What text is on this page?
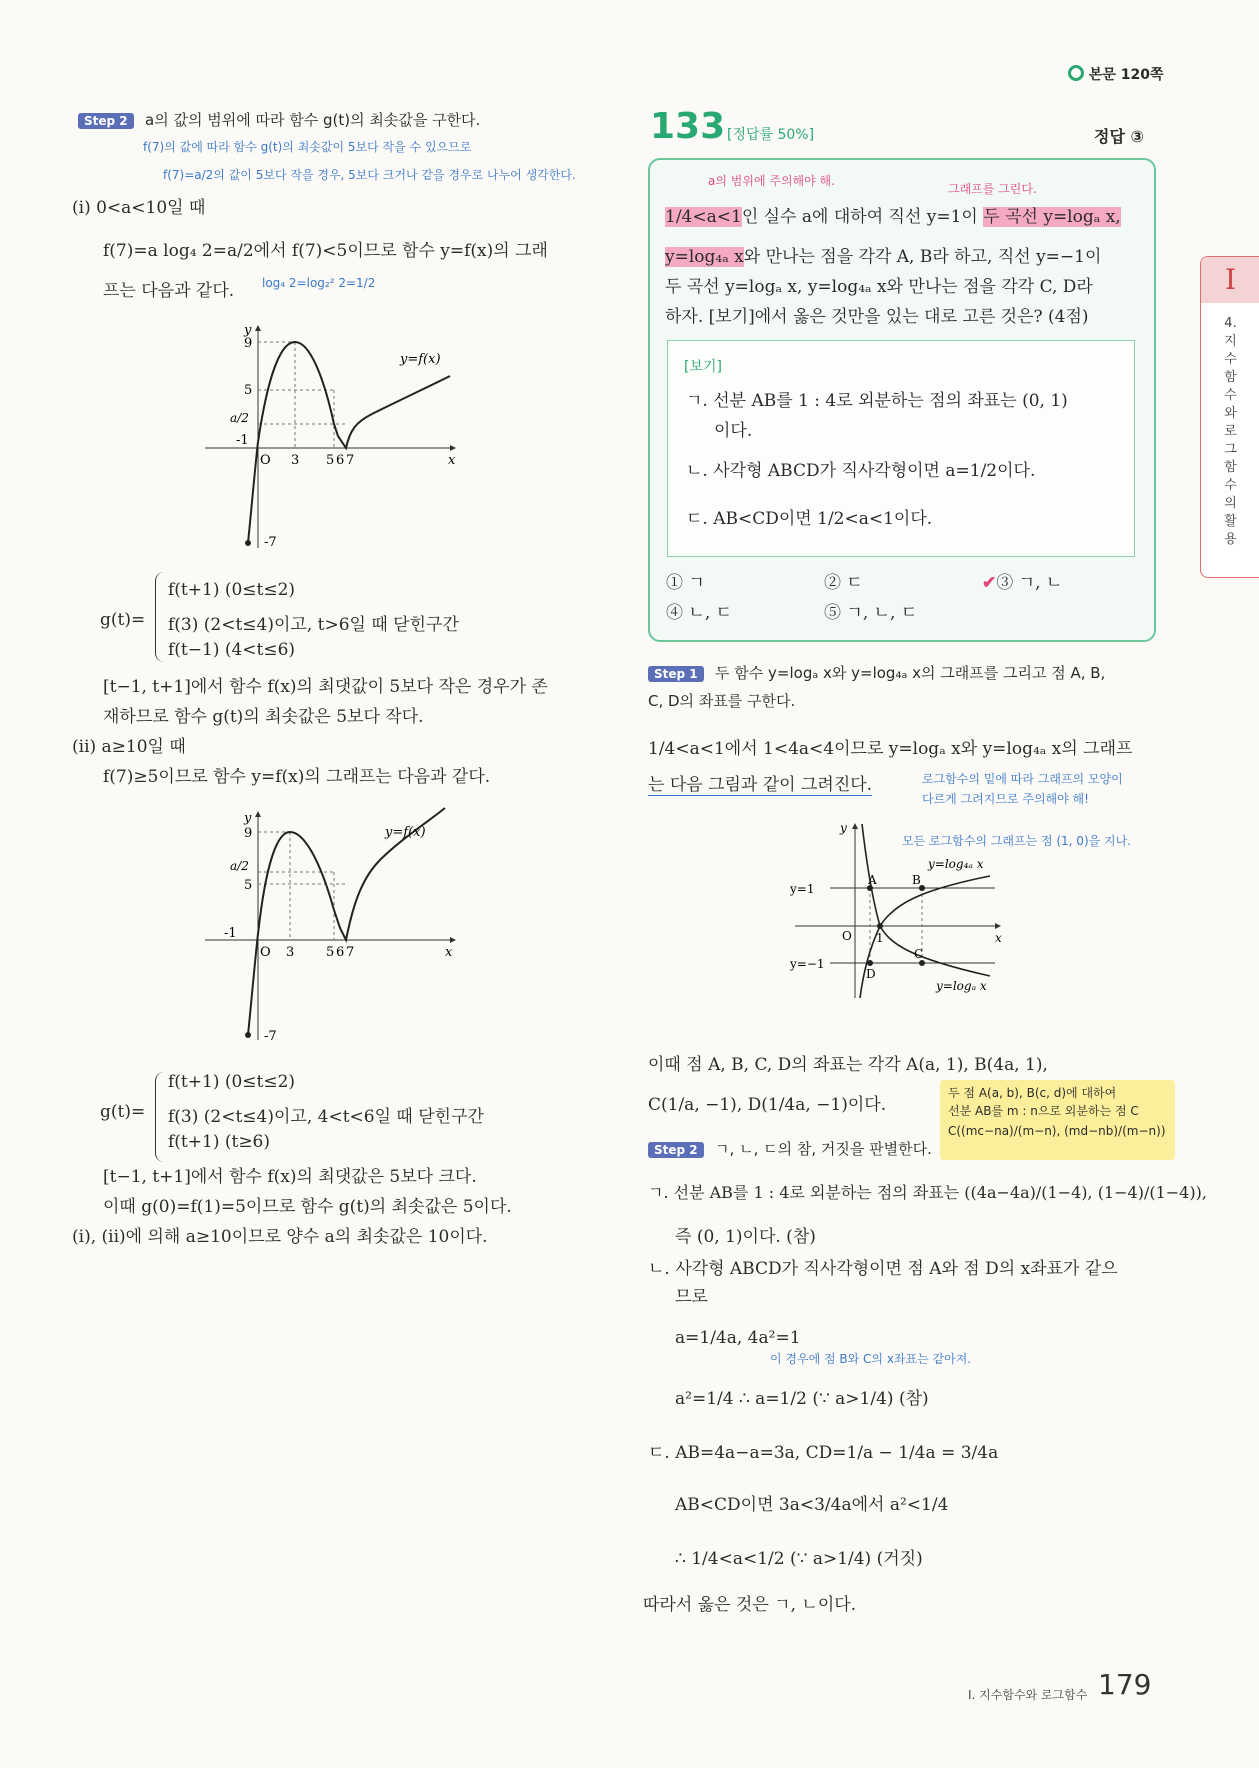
본문 120쪽
I
4.지수함수와로그함수의활용
Step 2 a의 값의 범위에 따라 함수 g(t)의 최솟값을 구한다.
f(7)의 값에 따라 함수 g(t)의 최솟값이 5보다 작을 수 있으므로
f(7)=a/2의 값이 5보다 작을 경우, 5보다 크거나 같을 경우로 나누어 생각한다.
(i) 0<a<10일 때
f(7)=a log₄ 2=a/2에서 f(7)<5이므로 함수 y=f(x)의 그래
프는 다음과 같다. log₄ 2=log₂² 2=1/2
y
9
5
a/2
-1
-7
O 3 5 6 7	x
y=f(x)
g(t)=
f(t+1) (0≤t≤2)
f(3) (2<t≤4)이고, t>6일 때 닫힌구간
f(t−1) (4<t≤6)
[t−1, t+1]에서 함수 f(x)의 최댓값이 5보다 작은 경우가 존
재하므로 함수 g(t)의 최솟값은 5보다 작다.
(ii) a≥10일 때
f(7)≥5이므로 함수 y=f(x)의 그래프는 다음과 같다.
y
9
a/2
5
-1
-7
O 3 5 6 7	x
y=f(x)
g(t)=
f(t+1) (0≤t≤2)
f(3) (2<t≤4)이고, 4<t<6일 때 닫힌구간
f(t+1) (t≥6)
[t−1, t+1]에서 함수 f(x)의 최댓값은 5보다 크다.
이때 g(0)=f(1)=5이므로 함수 g(t)의 최솟값은 5이다.
(i), (ii)에 의해 a≥10이므로 양수 a의 최솟값은 10이다.
133 [정답률 50%]	정답 ③
a의 범위에 주의해야 해.
그래프를 그린다.
1/4<a<1인 실수 a에 대하여 직선 y=1이 두 곡선 y=logₐ x,
y=log₄ₐ x와 만나는 점을 각각 A, B라 하고, 직선 y=−1이
두 곡선 y=logₐ x, y=log₄ₐ x와 만나는 점을 각각 C, D라
하자. [보기]에서 옳은 것만을 있는 대로 고른 것은? (4점)
[보기]
ㄱ. 선분 AB를 1 : 4로 외분하는 점의 좌표는 (0, 1)
이다.
ㄴ. 사각형 ABCD가 직사각형이면 a=1/2이다.
ㄷ. AB<CD이면 1/2<a<1이다.
① ㄱ	② ㄷ	✔③ ㄱ, ㄴ
④ ㄴ, ㄷ	⑤ ㄱ, ㄴ, ㄷ
Step 1 두 함수 y=logₐ x와 y=log₄ₐ x의 그래프를 그리고 점 A, B,
C, D의 좌표를 구한다.
1/4<a<1에서 1<4a<4이므로 y=logₐ x와 y=log₄ₐ x의 그래프
는 다음 그림과 같이 그려진다.	로그함수의 밑에 따라 그래프의 모양이
다르게 그려지므로 주의해야 해!
모든 로그함수의 그래프는 점 (1, 0)을 지나.
y
x
y=1
y=−1
O 1
A	B
C
D
y=log₄ₐ x
y=logₐ x
이때 점 A, B, C, D의 좌표는 각각 A(a, 1), B(4a, 1),
C(1/a, −1), D(1/4a, −1)이다.
두 점 A(a, b), B(c, d)에 대하여
선분 AB를 m : n으로 외분하는 점 C
C((mc−na)/(m−n), (md−nb)/(m−n))
Step 2 ㄱ, ㄴ, ㄷ의 참, 거짓을 판별한다.
ㄱ. 선분 AB를 1 : 4로 외분하는 점의 좌표는 ((4a−4a)/(1−4), (1−4)/(1−4)),
즉 (0, 1)이다. (참)
ㄴ. 사각형 ABCD가 직사각형이면 점 A와 점 D의 x좌표가 같으
므로
a=1/4a, 4a²=1
이 경우에 점 B와 C의 x좌표는 같아져.
a²=1/4 ∴ a=1/2 (∵ a>1/4) (참)
ㄷ. AB=4a−a=3a, CD=1/a − 1/4a = 3/4a
AB<CD이면 3a<3/4a에서 a²<1/4
∴ 1/4<a<1/2 (∵ a>1/4) (거짓)
따라서 옳은 것은 ㄱ, ㄴ이다.
Ⅰ. 지수함수와 로그함수 179
